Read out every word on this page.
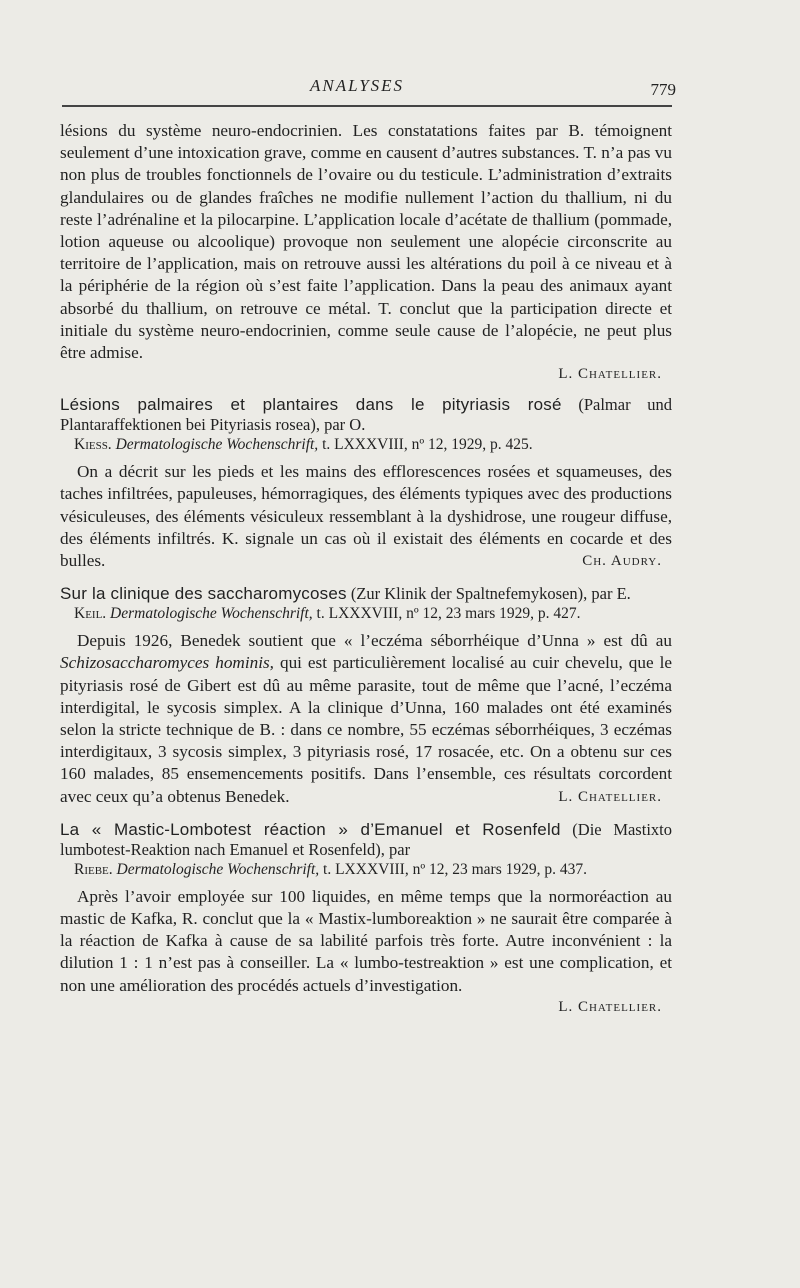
ANALYSES	779

lésions du système neuro-endocrinien. Les constatations faites par B. témoignent seulement d’une intoxication grave, comme en causent d’autres substances. T. n’a pas vu non plus de troubles fonctionnels de l’ovaire ou du testicule. L’administration d’extraits glandulaires ou de glandes fraîches ne modifie nullement l’action du thallium, ni du reste l’adrénaline et la pilocarpine. L’application locale d’acétate de thallium (pommade, lotion aqueuse ou alcoolique) provoque non seulement une alopécie circonscrite au territoire de l’application, mais on retrouve aussi les altérations du poil à ce niveau et à la périphérie de la région où s’est faite l’application. Dans la peau des animaux ayant absorbé du thallium, on retrouve ce métal. T. conclut que la participation directe et initiale du système neuro-endocrinien, comme seule cause de l’alopécie, ne peut plus être admise.

L. Chatellier.
Lésions palmaires et plantaires dans le pityriasis rosé (Palmar und Plantaraffektionen bei Pityriasis rosea), par O.
Kiess. Dermatologische Wochenschrift, t. LXXXVIII, nº 12, 1929, p. 425.

On a décrit sur les pieds et les mains des efflorescences rosées et squameuses, des taches infiltrées, papuleuses, hémorragiques, des éléments typiques avec des productions vésiculeuses, des éléments vésiculeux ressemblant à la dyshidrose, une rougeur diffuse, des éléments infiltrés. K. signale un cas où il existait des éléments en cocarde et des bulles.	Ch. Audry.

Sur la clinique des saccharomycoses (Zur Klinik der Spaltnefemykosen), par E.
Keil. Dermatologische Wochenschrift, t. LXXXVIII, nº 12, 23 mars 1929, p. 427.

Depuis 1926, Benedek soutient que « l’eczéma séborrhéique d’Unna » est dû au Schizosaccharomyces hominis, qui est particulièrement localisé au cuir chevelu, que le pityriasis rosé de Gibert est dû au même parasite, tout de même que l’acné, l’eczéma interdigital, le sycosis simplex. A la clinique d’Unna, 160 malades ont été examinés selon la stricte technique de B. : dans ce nombre, 55 eczémas séborrhéiques, 3 eczémas interdigitaux, 3 sycosis simplex, 3 pityriasis rosé, 17 rosacée, etc. On a obtenu sur ces 160 malades, 85 ensemencements positifs. Dans l’ensemble, ces résultats corcordent avec ceux qu’a obtenus Benedek.	L. Chatellier.

La « Mastic-Lombotest réaction » d’Emanuel et Rosenfeld (Die Mastixto lumbotest-Reaktion nach Emanuel et Rosenfeld), par
Riebe. Dermatologische Wochenschrift, t. LXXXVIII, nº 12, 23 mars 1929, p. 437.

Après l’avoir employée sur 100 liquides, en même temps que la normoréaction au mastic de Kafka, R. conclut que la « Mastix-lumboreaktion » ne saurait être comparée à la réaction de Kafka à cause de sa labilité parfois très forte. Autre inconvénient : la dilution 1 : 1 n’est pas à conseiller. La « lumbo-testreaktion » est une complication, et non une amélioration des procédés actuels d’investigation.

L. Chatellier.
